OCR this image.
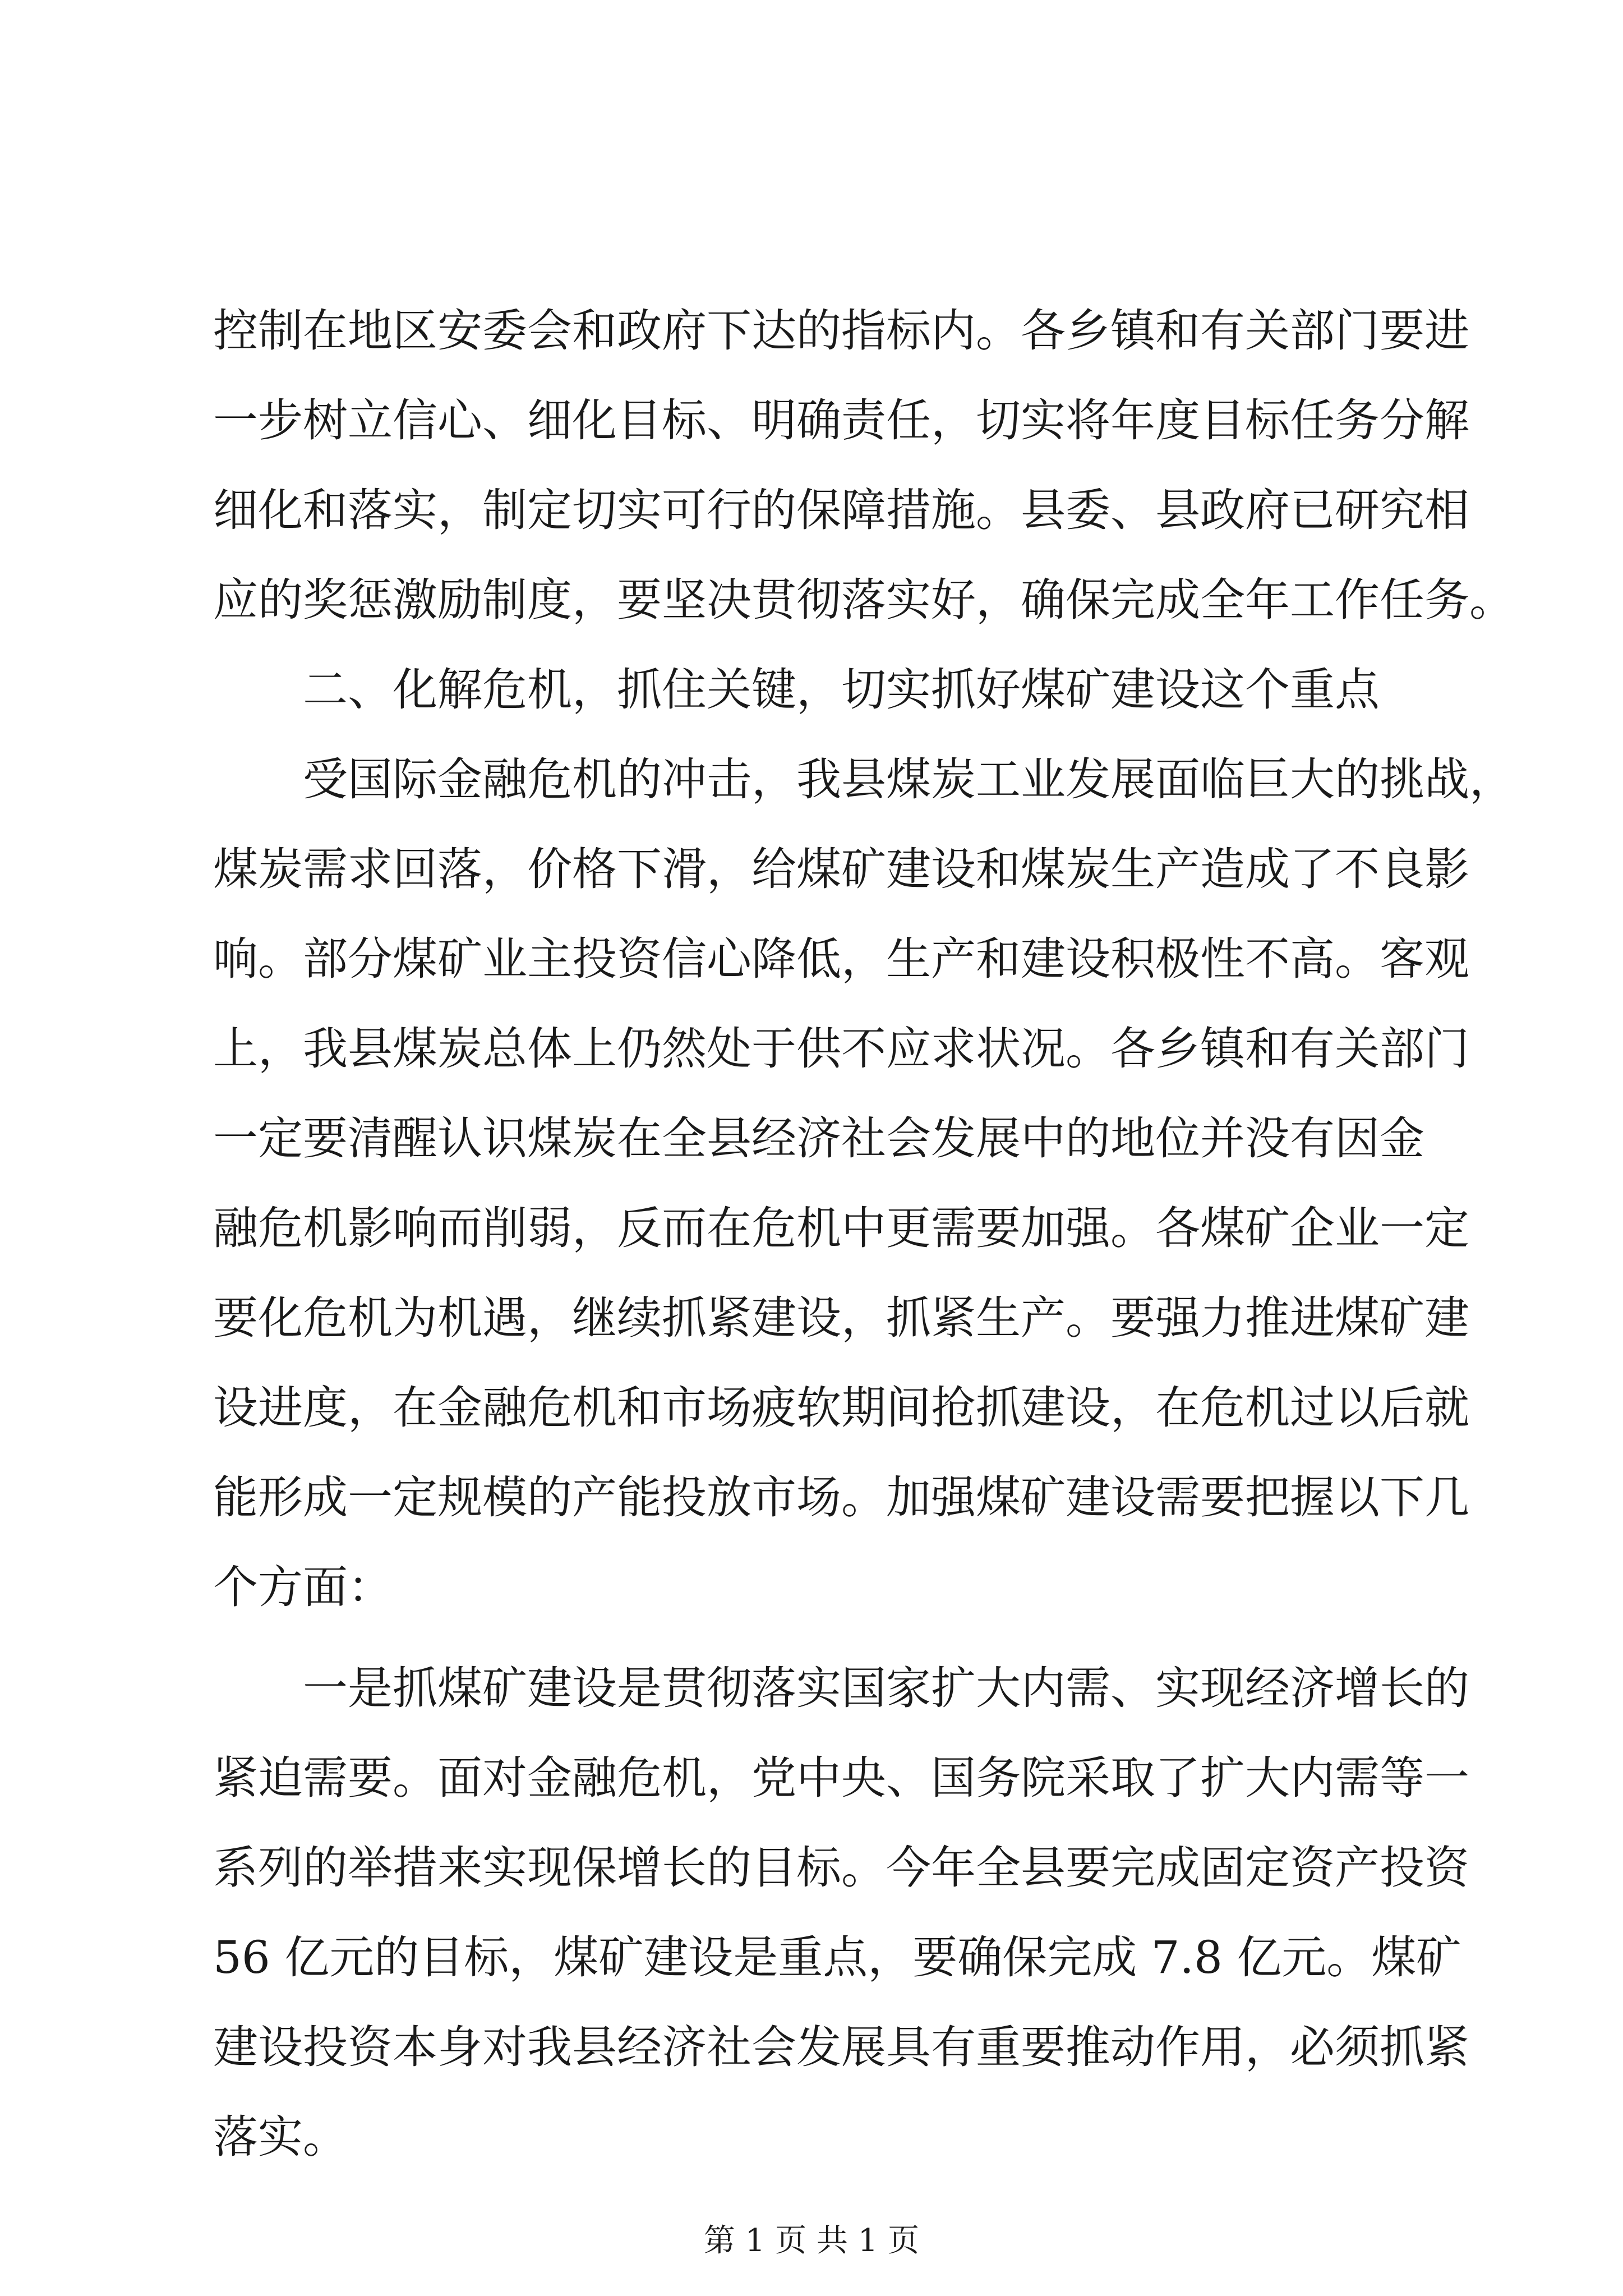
控制在地区安委会和政府下达的指标内。各乡镇和有关部门要进
一步树立信心、细化目标、明确责任，切实将年度目标任务分解
细化和落实，制定切实可行的保障措施。县委、县政府已研究相
应的奖惩激励制度，要坚决贯彻落实好，确保完成全年工作任务。
二、化解危机，抓住关键，切实抓好煤矿建设这个重点
受国际金融危机的冲击，我县煤炭工业发展面临巨大的挑战，
煤炭需求回落，价格下滑，给煤矿建设和煤炭生产造成了不良影
响。部分煤矿业主投资信心降低，生产和建设积极性不高。客观
上，我县煤炭总体上仍然处于供不应求状况。各乡镇和有关部门
一定要清醒认识煤炭在全县经济社会发展中的地位并没有因金
融危机影响而削弱，反而在危机中更需要加强。各煤矿企业一定
要化危机为机遇，继续抓紧建设，抓紧生产。要强力推进煤矿建
设进度，在金融危机和市场疲软期间抢抓建设，在危机过以后就
能形成一定规模的产能投放市场。加强煤矿建设需要把握以下几
个方面：
一是抓煤矿建设是贯彻落实国家扩大内需、实现经济增长的
紧迫需要。面对金融危机，党中央、国务院采取了扩大内需等一
系列的举措来实现保增长的目标。今年全县要完成固定资产投资
56 亿元的目标，煤矿建设是重点，要确保完成 7.8 亿元。煤矿
建设投资本身对我县经济社会发展具有重要推动作用，必须抓紧
落实。
第 1 页 共 1 页
